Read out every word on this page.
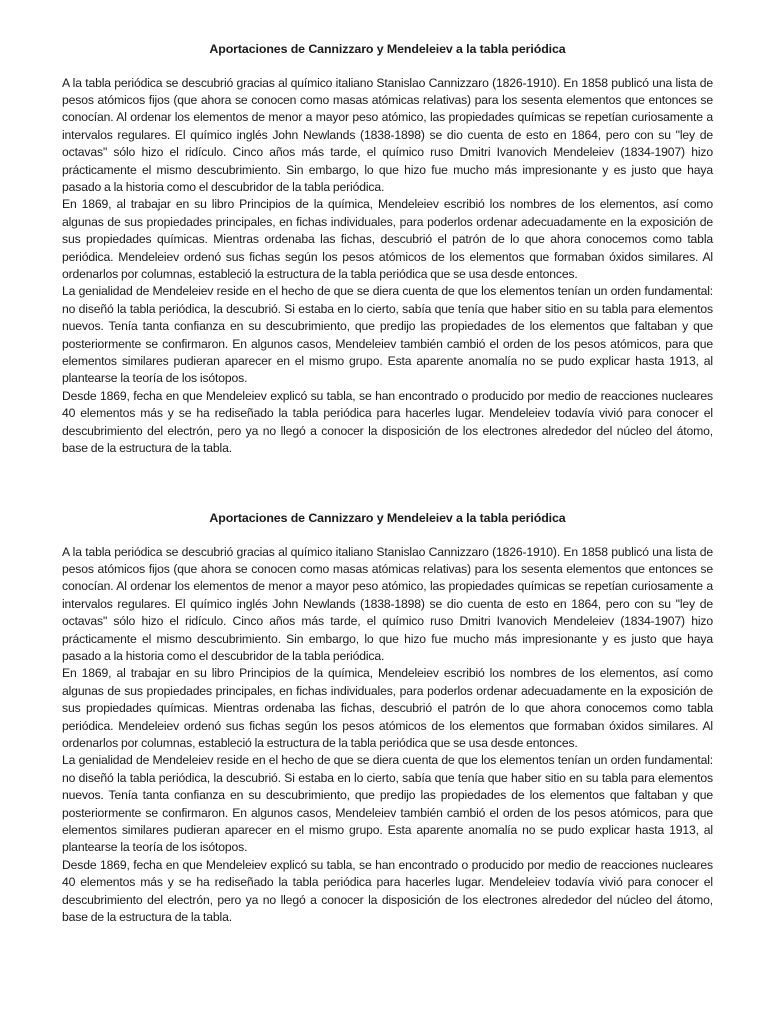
Aportaciones de Cannizzaro y Mendeleiev a la tabla periódica

A la tabla periódica se descubrió gracias al químico italiano Stanislao Cannizzaro (1826-1910). En 1858 publicó una lista de pesos atómicos fijos (que ahora se conocen como masas atómicas relativas) para los sesenta elementos que entonces se conocían. Al ordenar los elementos de menor a mayor peso atómico, las propiedades químicas se repetían curiosamente a intervalos regulares. El químico inglés John Newlands (1838-1898) se dio cuenta de esto en 1864, pero con su "ley de octavas" sólo hizo el ridículo. Cinco años más tarde, el químico ruso Dmitri Ivanovich Mendeleiev (1834-1907) hizo prácticamente el mismo descubrimiento. Sin embargo, lo que hizo fue mucho más impresionante y es justo que haya pasado a la historia como el descubridor de la tabla periódica.

En 1869, al trabajar en su libro Principios de la química, Mendeleiev escribió los nombres de los elementos, así como algunas de sus propiedades principales, en fichas individuales, para poderlos ordenar adecuadamente en la exposición de sus propiedades químicas. Mientras ordenaba las fichas, descubrió el patrón de lo que ahora conocemos como tabla periódica. Mendeleiev ordenó sus fichas según los pesos atómicos de los elementos que formaban óxidos similares. Al ordenarlos por columnas, estableció la estructura de la tabla periódica que se usa desde entonces.

La genialidad de Mendeleiev reside en el hecho de que se diera cuenta de que los elementos tenían un orden fundamental: no diseñó la tabla periódica, la descubrió. Si estaba en lo cierto, sabía que tenía que haber sitio en su tabla para elementos nuevos. Tenía tanta confianza en su descubrimiento, que predijo las propiedades de los elementos que faltaban y que posteriormente se confirmaron. En algunos casos, Mendeleiev también cambió el orden de los pesos atómicos, para que elementos similares pudieran aparecer en el mismo grupo. Esta aparente anomalía no se pudo explicar hasta 1913, al plantearse la teoría de los isótopos.

Desde 1869, fecha en que Mendeleiev explicó su tabla, se han encontrado o producido por medio de reacciones nucleares 40 elementos más y se ha rediseñado la tabla periódica para hacerles lugar. Mendeleiev todavía vivió para conocer el descubrimiento del electrón, pero ya no llegó a conocer la disposición de los electrones alrededor del núcleo del átomo, base de la estructura de la tabla.

Aportaciones de Cannizzaro y Mendeleiev a la tabla periódica

A la tabla periódica se descubrió gracias al químico italiano Stanislao Cannizzaro (1826-1910). En 1858 publicó una lista de pesos atómicos fijos (que ahora se conocen como masas atómicas relativas) para los sesenta elementos que entonces se conocían. Al ordenar los elementos de menor a mayor peso atómico, las propiedades químicas se repetían curiosamente a intervalos regulares. El químico inglés John Newlands (1838-1898) se dio cuenta de esto en 1864, pero con su "ley de octavas" sólo hizo el ridículo. Cinco años más tarde, el químico ruso Dmitri Ivanovich Mendeleiev (1834-1907) hizo prácticamente el mismo descubrimiento. Sin embargo, lo que hizo fue mucho más impresionante y es justo que haya pasado a la historia como el descubridor de la tabla periódica.

En 1869, al trabajar en su libro Principios de la química, Mendeleiev escribió los nombres de los elementos, así como algunas de sus propiedades principales, en fichas individuales, para poderlos ordenar adecuadamente en la exposición de sus propiedades químicas. Mientras ordenaba las fichas, descubrió el patrón de lo que ahora conocemos como tabla periódica. Mendeleiev ordenó sus fichas según los pesos atómicos de los elementos que formaban óxidos similares. Al ordenarlos por columnas, estableció la estructura de la tabla periódica que se usa desde entonces.

La genialidad de Mendeleiev reside en el hecho de que se diera cuenta de que los elementos tenían un orden fundamental: no diseñó la tabla periódica, la descubrió. Si estaba en lo cierto, sabía que tenía que haber sitio en su tabla para elementos nuevos. Tenía tanta confianza en su descubrimiento, que predijo las propiedades de los elementos que faltaban y que posteriormente se confirmaron. En algunos casos, Mendeleiev también cambió el orden de los pesos atómicos, para que elementos similares pudieran aparecer en el mismo grupo. Esta aparente anomalía no se pudo explicar hasta 1913, al plantearse la teoría de los isótopos.

Desde 1869, fecha en que Mendeleiev explicó su tabla, se han encontrado o producido por medio de reacciones nucleares 40 elementos más y se ha rediseñado la tabla periódica para hacerles lugar. Mendeleiev todavía vivió para conocer el descubrimiento del electrón, pero ya no llegó a conocer la disposición de los electrones alrededor del núcleo del átomo, base de la estructura de la tabla.
